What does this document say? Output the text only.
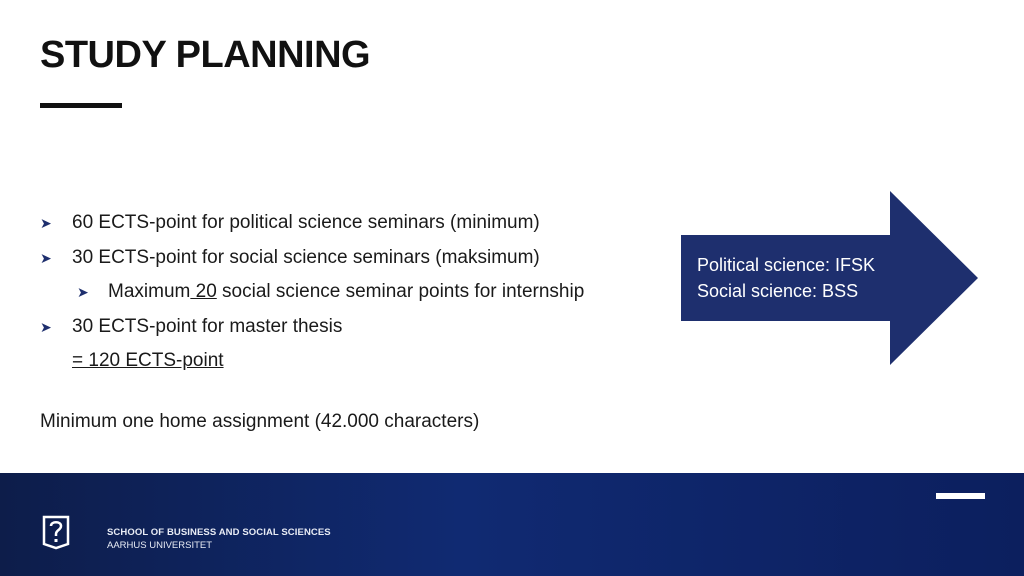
STUDY PLANNING
➤ 60 ECTS-point for political science seminars (minimum)
➤ 30 ECTS-point for social science seminars (maksimum)
➤ Maximum 20 social science seminar points for internship
➤ 30 ECTS-point for master thesis
= 120 ECTS-point
Minimum one home assignment (42.000 characters)
Political science: IFSK
Social science: BSS
SCHOOL OF BUSINESS AND SOCIAL SCIENCES
AARHUS UNIVERSITET
